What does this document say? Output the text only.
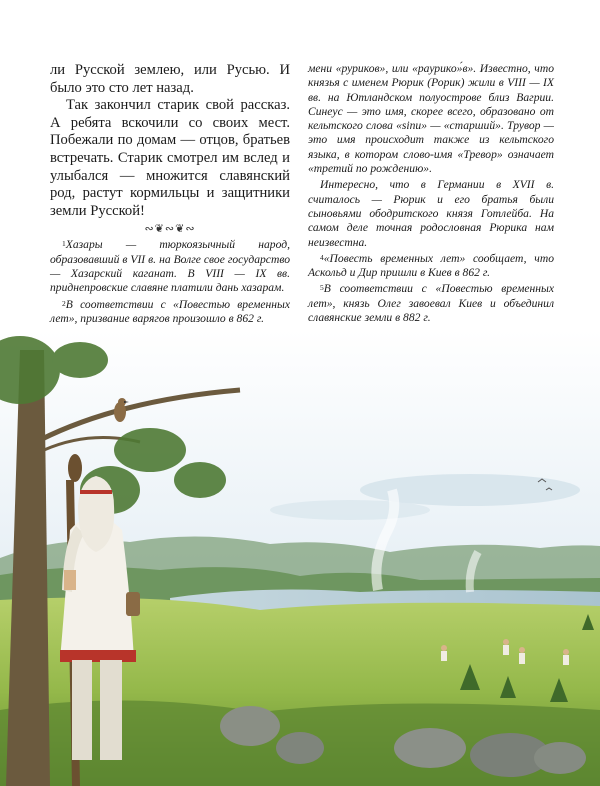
ли Русской землею, или Русью. И было это сто лет назад.

Так закончил старик свой рассказ. А ребята вскочили со своих мест. Побежали по домам — отцов, братьев встречать. Старик смотрел им вслед и улыбался — множится славянский род, растут кормильцы и защитники земли Русской!

∾❦∾❦∾

$^1$Хазары — тюркоязычный народ, образовавший в VII в. на Волге свое государство — Хазарский каганат. В VIII — IX вв. приднепровские славяне платили дань хазарам.

$^2$В соответствии с «Повестью временных лет», призвание варягов произошло в 862 г.

мени «руриков», или «раурико»́в». Известно, что князья с именем Рюрик (Рорик) жили в VIII — IX вв. на Ютландском полуострове близ Вагрии. Синеус — это имя, скорее всего, образовано от кельтского слова «sinu» — «старший». Трувор — это имя происходит также из кельтского языка, в котором слово-имя «Тревор» означает «третий по рождению».

Интересно, что в Германии в XVII в. считалось — Рюрик и его братья были сыновьями ободритского князя Готлейба. На самом деле точная родословная Рюрика нам неизвестна.

$^4$«Повесть временных лет» сообщает, что Аскольд и Дир пришли в Киев в 862 г.

$^5$В соответствии с «Повестью временных лет», князь Олег завоевал Киев и объединил славянские земли в 882 г.
